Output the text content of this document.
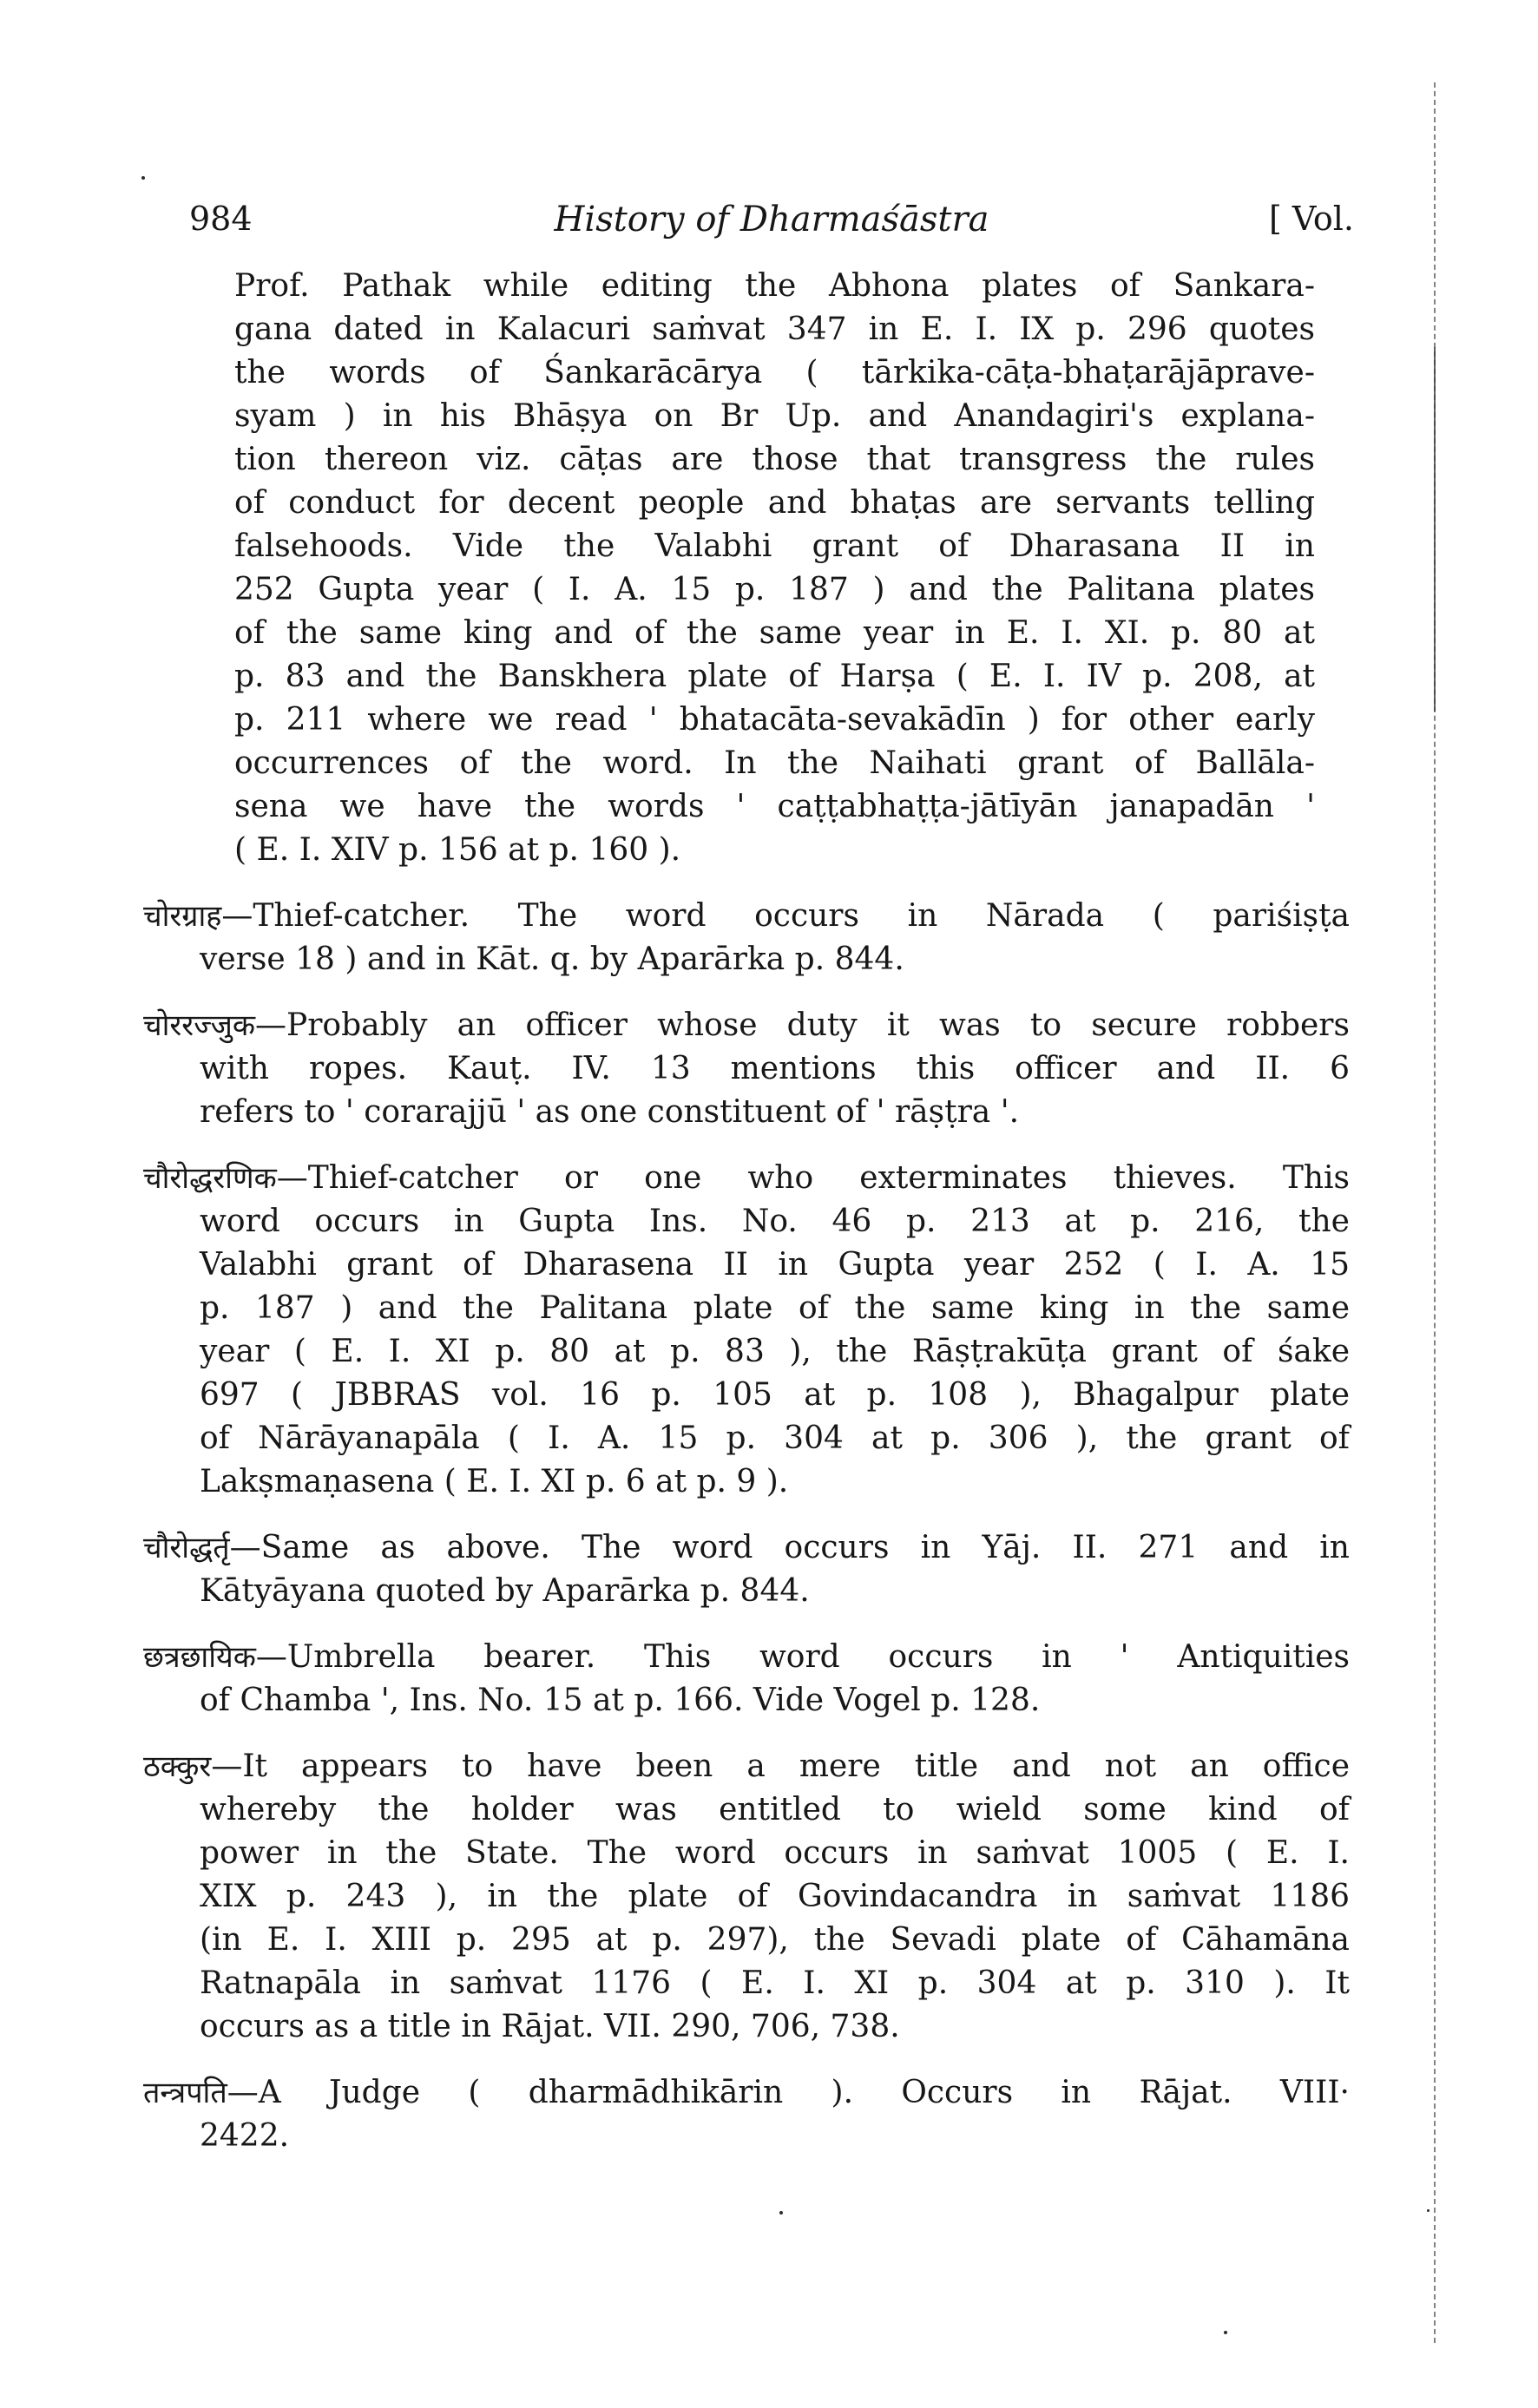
984	History of Dharmaśāstra	[ Vol.
Prof. Pathak while editing the Abhona plates of Sankara-
gana dated in Kalacuri saṁvat 347 in E. I. IX p. 296 quotes
the words of Śankarācārya ( tārkika-cāṭa-bhaṭarājāprave-
syam ) in his Bhāṣya on Br Up. and Anandagiri's explana-
tion thereon viz. cāṭas are those that transgress the rules
of conduct for decent people and bhaṭas are servants telling
falsehoods. Vide the Valabhi grant of Dharasana II in
252 Gupta year ( I. A. 15 p. 187 ) and the Palitana plates
of the same king and of the same year in E. I. XI. p. 80 at
p. 83 and the Banskhera plate of Harṣa ( E. I. IV p. 208, at
p. 211 where we read ' bhatacāta-sevakādīn ) for other early
occurrences of the word. In the Naihati grant of Ballāla-
sena we have the words ' caṭṭabhaṭṭa-jātīyān janapadān '
( E. I. XIV p. 156 at p. 160 ).
चोरग्राह—Thief-catcher. The word occurs in Nārada ( pariśiṣṭa
verse 18 ) and in Kāt. q. by Aparārka p. 844.
चोररज्जुक—Probably an officer whose duty it was to secure robbers
with ropes. Kauṭ. IV. 13 mentions this officer and II. 6
refers to ' corarajjū ' as one constituent of ' rāṣṭra '.
चौरोद्धरणिक—Thief-catcher or one who exterminates thieves. This
word occurs in Gupta Ins. No. 46 p. 213 at p. 216, the
Valabhi grant of Dharasena II in Gupta year 252 ( I. A. 15
p. 187 ) and the Palitana plate of the same king in the same
year ( E. I. XI p. 80 at p. 83 ), the Rāṣṭrakūṭa grant of śake
697 ( JBBRAS vol. 16 p. 105 at p. 108 ), Bhagalpur plate
of Nārāyanapāla ( I. A. 15 p. 304 at p. 306 ), the grant of
Lakṣmaṇasena ( E. I. XI p. 6 at p. 9 ).
चौरोद्धर्तृ—Same as above. The word occurs in Yāj. II. 271 and in
Kātyāyana quoted by Aparārka p. 844.
छत्रछायिक—Umbrella bearer. This word occurs in ' Antiquities
of Chamba ', Ins. No. 15 at p. 166. Vide Vogel p. 128.
ठक्कुर—It appears to have been a mere title and not an office
whereby the holder was entitled to wield some kind of
power in the State. The word occurs in saṁvat 1005 ( E. I.
XIX p. 243 ), in the plate of Govindacandra in saṁvat 1186
(in E. I. XIII p. 295 at p. 297), the Sevadi plate of Cāhamāna
Ratnapāla in saṁvat 1176 ( E. I. XI p. 304 at p. 310 ). It
occurs as a title in Rājat. VII. 290, 706, 738.
तन्त्रपति—A Judge ( dharmādhikārin ). Occurs in Rājat. VIII·
2422.
